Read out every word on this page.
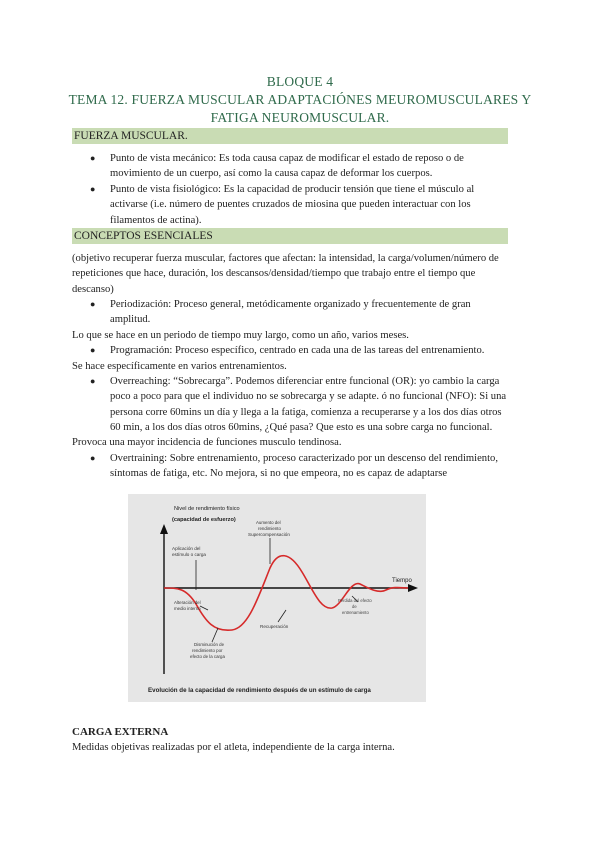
BLOQUE 4
TEMA 12. FUERZA MUSCULAR ADAPTACIÓNES MEUROMUSCULARES Y
FATIGA NEUROMUSCULAR.
FUERZA MUSCULAR.
● Punto de vista mecánico: Es toda causa capaz de modificar el estado de reposo o de
movimiento de un cuerpo, así como la causa capaz de deformar los cuerpos.
● Punto de vista fisiológico: Es la capacidad de producir tensión que tiene el músculo al
activarse (i.e. número de puentes cruzados de miosina que pueden interactuar con los
filamentos de actina).
CONCEPTOS ESENCIALES
(objetivo recuperar fuerza muscular, factores que afectan: la intensidad, la carga/volumen/número de
repeticiones que hace, duración, los descansos/densidad/tiempo que trabajo entre el tiempo que
descanso)
● Periodización: Proceso general, metódicamente organizado y frecuentemente de gran
amplitud.
Lo que se hace en un periodo de tiempo muy largo, como un año, varios meses.
● Programación: Proceso específico, centrado en cada una de las tareas del entrenamiento.
Se hace específicamente en varios entrenamientos.
● Overreaching: “Sobrecarga”. Podemos diferenciar entre funcional (OR): yo cambio la carga
poco a poco para que el individuo no se sobrecarga y se adapte. ó no funcional (NFO): Si una
persona corre 60mins un día y llega a la fatiga, comienza a recuperarse y a los dos días otros
60 min, a los dos días otros 60mins, ¿Qué pasa? Que esto es una sobre carga no funcional.
Provoca una mayor incidencia de funciones musculo tendinosa.
● Overtraining: Sobre entrenamiento, proceso caracterizado por un descenso del rendimiento,
síntomas de fatiga, etc. No mejora, si no que empeora, no es capaz de adaptarse
Nivel de rendimiento físico
(capacidad de esfuerzo)
Tiempo
Aplicación del
estímulo o carga
Aumento del
rendimiento
Supercompensación
Alteración del
medio interno
Recuperación
Pérdida del efecto
de
entrenamiento
Disminución de
rendimiento por
efecto de la carga
Evolución de la capacidad de rendimiento después de un estímulo de carga
CARGA EXTERNA
Medidas objetivas realizadas por el atleta, independiente de la carga interna.
